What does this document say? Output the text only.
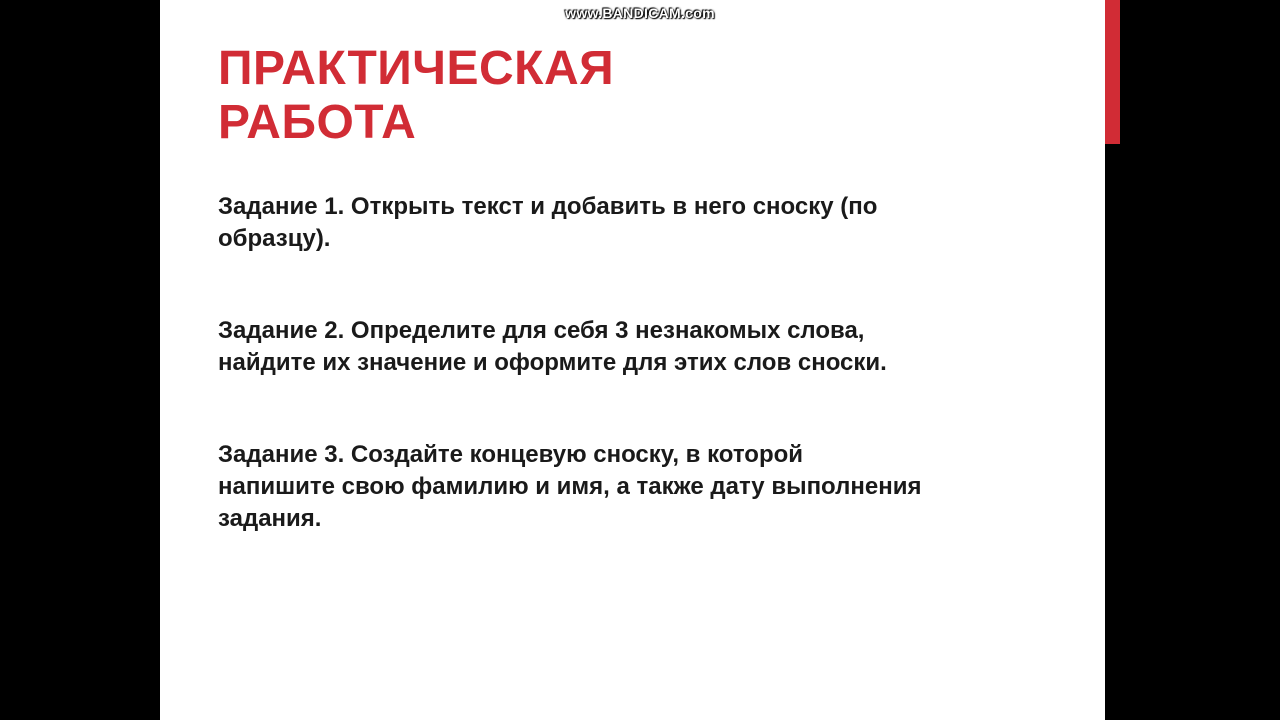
www.BANDICAM.com
ПРАКТИЧЕСКАЯ
РАБОТА

Задание 1. Открыть текст и добавить в него сноску (по
образцу).

Задание 2. Определите для себя 3 незнакомых слова,
найдите их значение и оформите для этих слов сноски.

Задание 3. Создайте концевую сноску, в которой
напишите свою фамилию и имя, а также дату выполнения
задания.
